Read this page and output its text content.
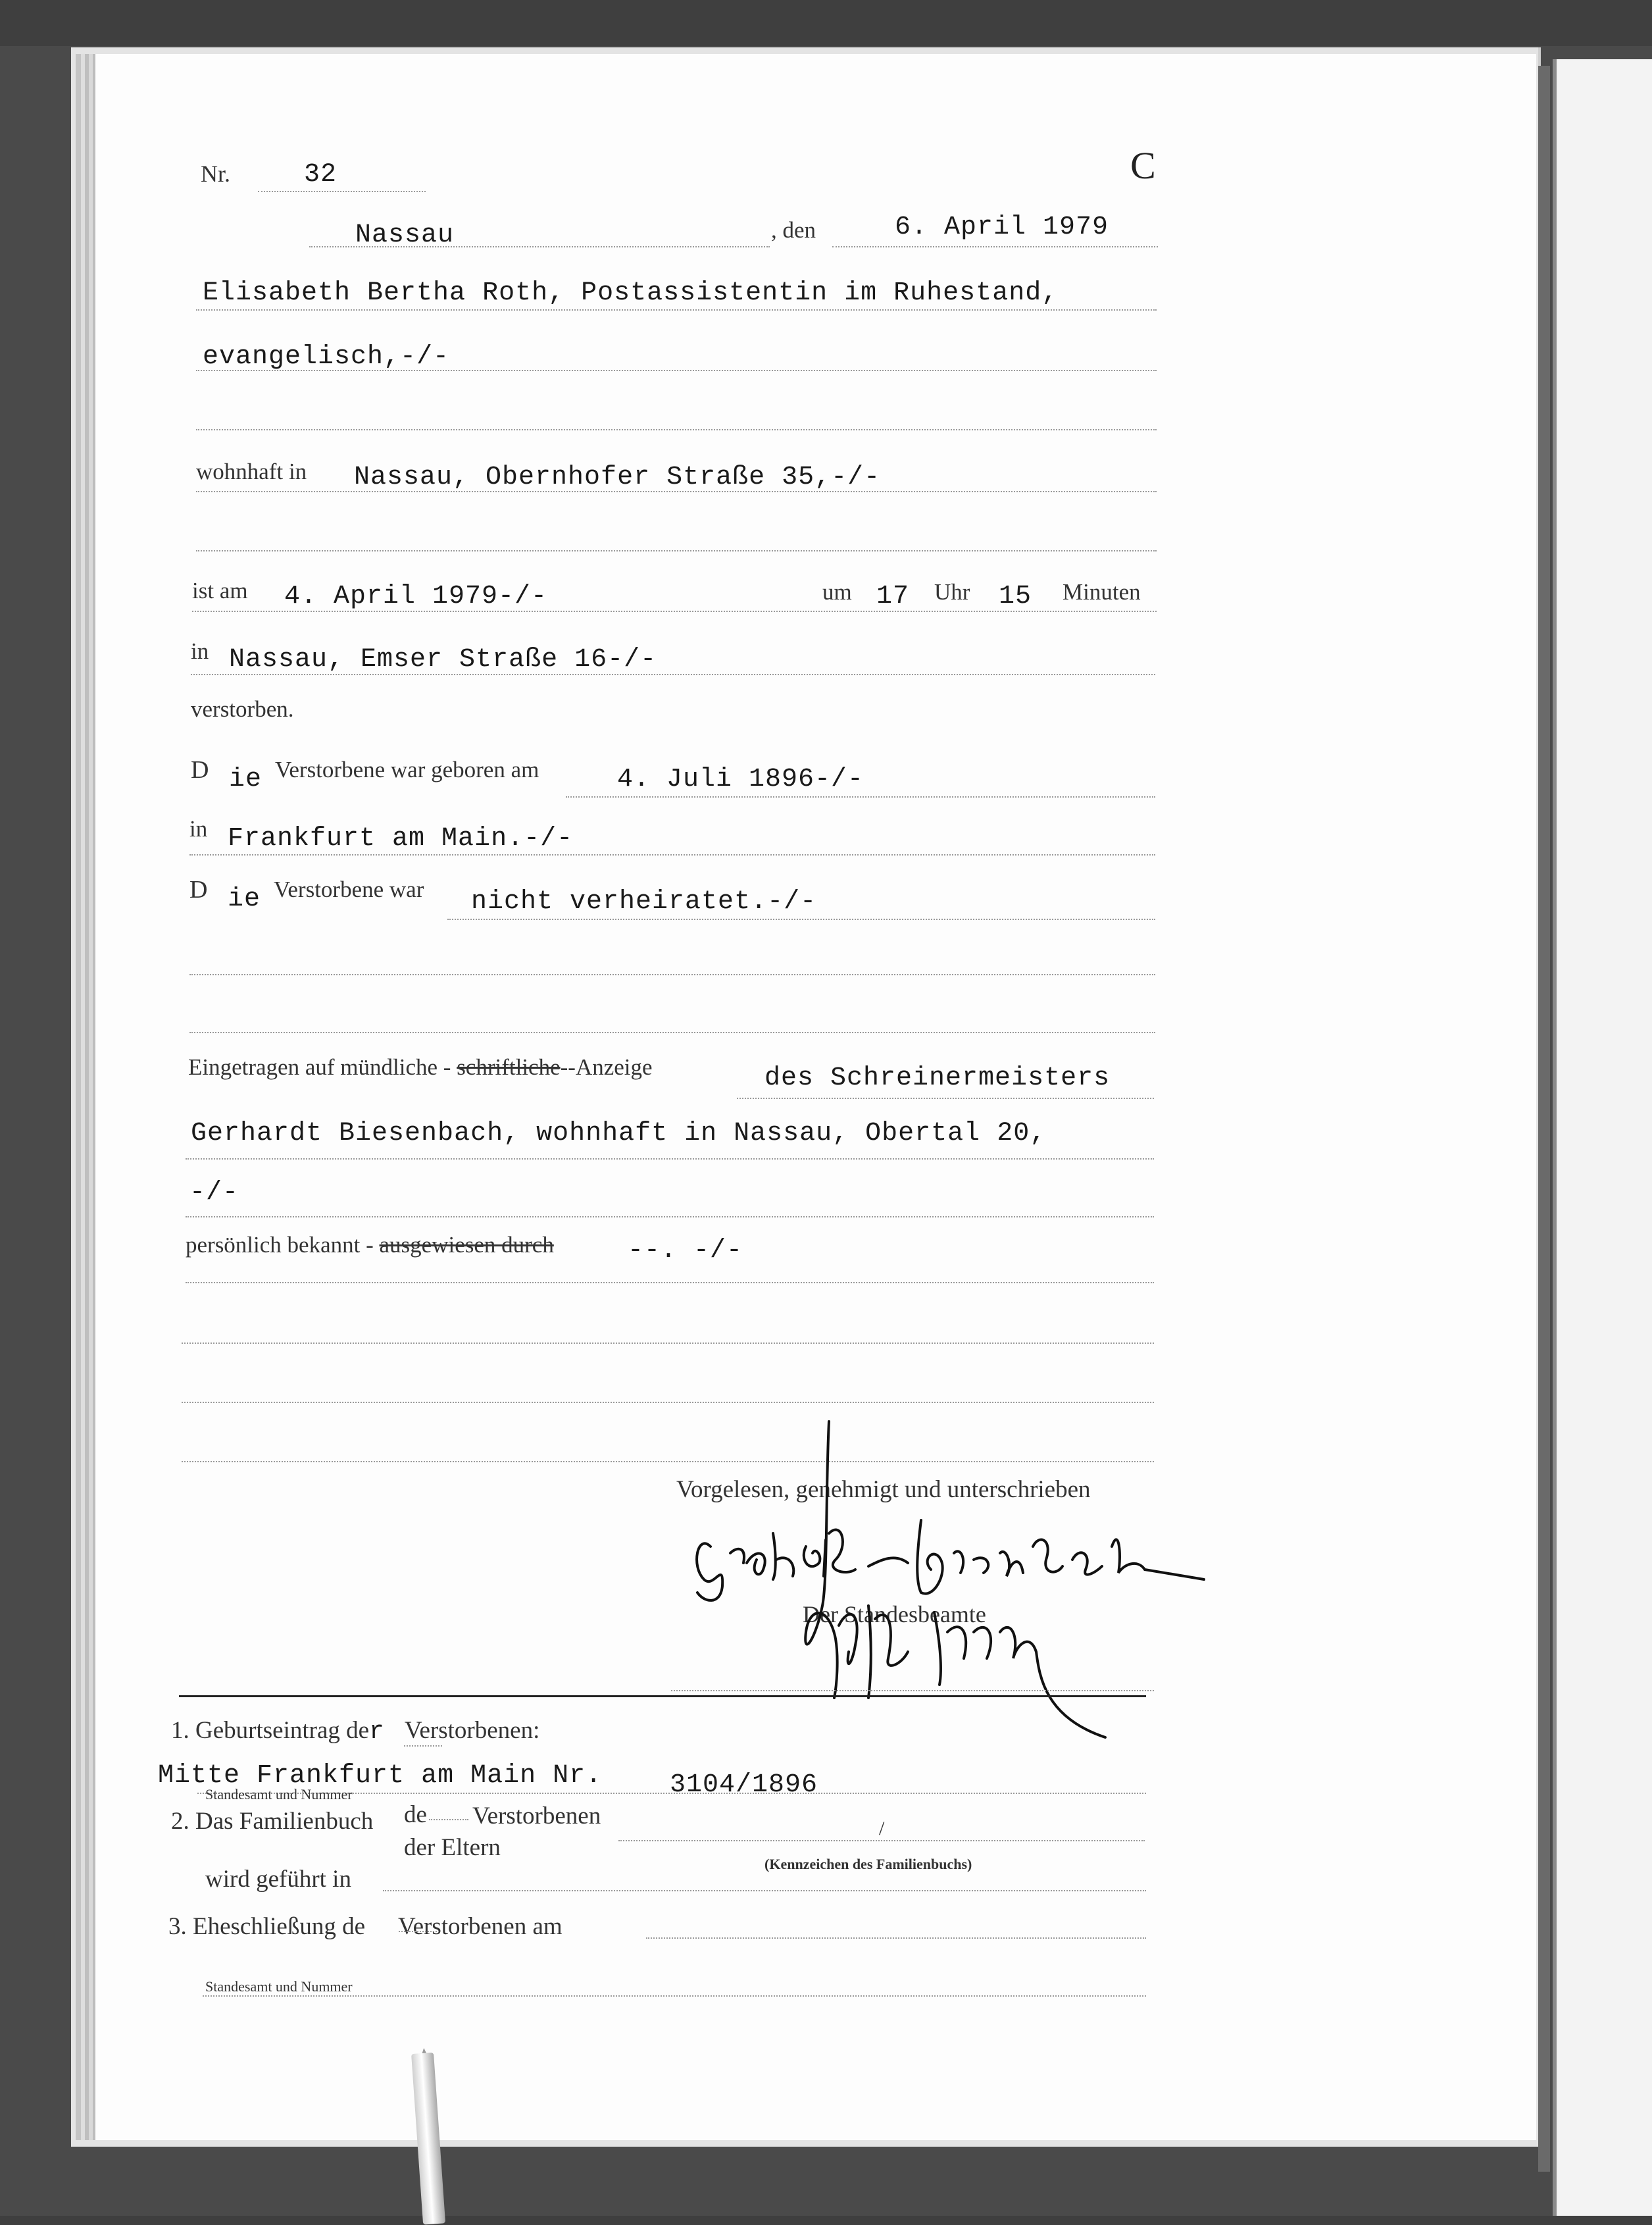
Nr.	32	C
Nassau	, den	6. April 1979
Elisabeth Bertha Roth, Postassistentin im Ruhestand,
evangelisch,-/-
wohnhaft in Nassau, Obernhofer Straße 35,-/-
ist am 4. April 1979-/-	um 17 Uhr 15 Minuten
in Nassau, Emser Straße 16-/-
verstorben.
D ie Verstorbene war geboren am	4. Juli 1896-/-
in Frankfurt am Main.-/-
D ie Verstorbene war nicht verheiratet.-/-
Eingetragen auf mündliche - schriftliche--Anzeige	des Schreinermeisters
Gerhardt Biesenbach, wohnhaft in Nassau, Obertal 20,
-/-
persönlich bekannt - ausgewiesen durch	--. -/-
Vorgelesen, genehmigt und unterschrieben
Der Standesbeamte
1. Geburtseintrag der Verstorbenen:
Mitte Frankfurt am Main Nr.	3104/1896
Standesamt und Nummer
2. Das Familienbuch de Verstorbenen
der Eltern
/
(Kennzeichen des Familienbuchs)
wird geführt in
3. Eheschließung de Verstorbenen am
Standesamt und Nummer
